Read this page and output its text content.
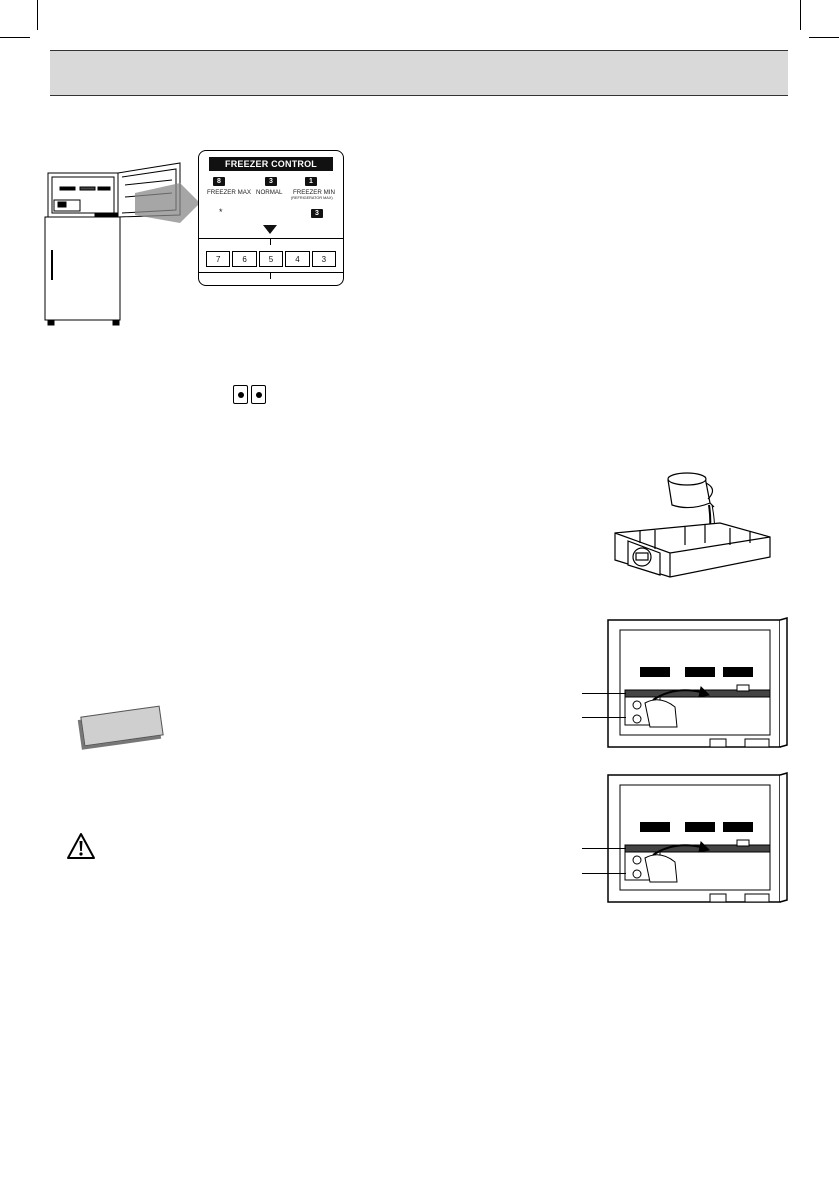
FREEZER CONTROL
8
FREEZER MAX
3
NORMAL
1
FREEZER MIN
(REFRIGERATOR MAX)
*	3
7	6	5	4	3
